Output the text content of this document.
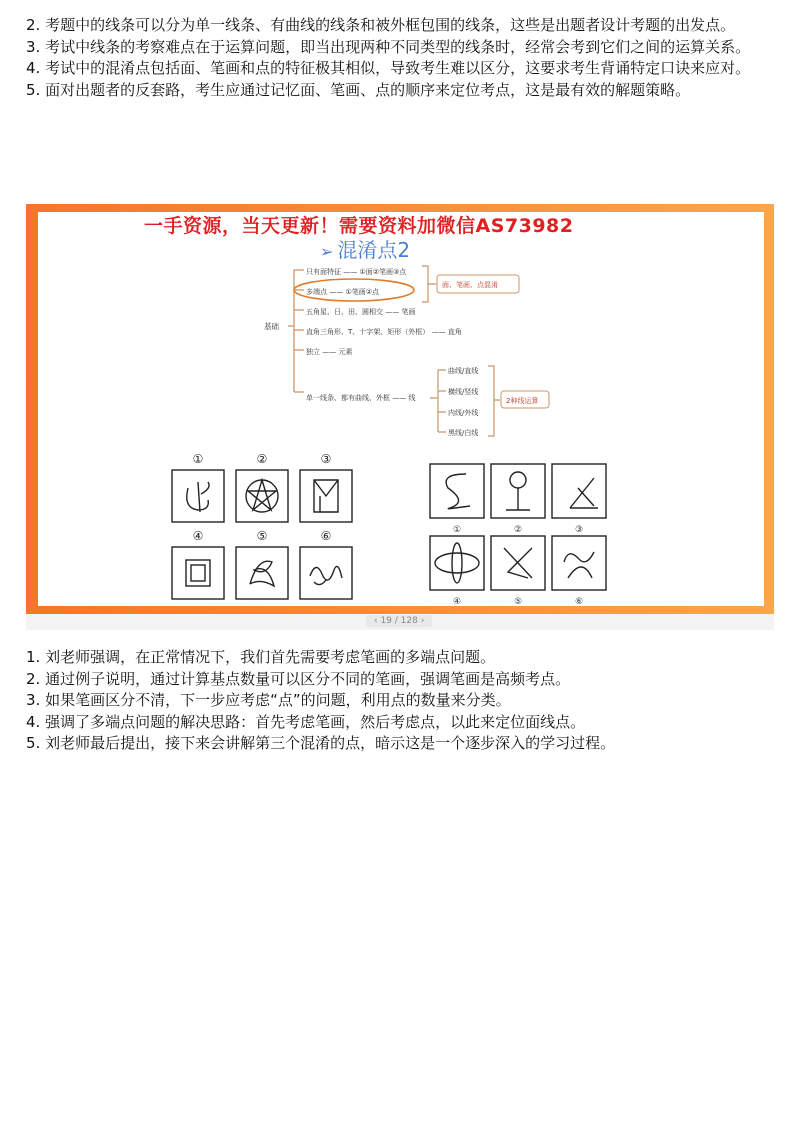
2. 考题中的线条可以分为单一线条、有曲线的线条和被外框包围的线条，这些是出题者设计考题的出发点。
3. 考试中线条的考察难点在于运算问题，即当出现两种不同类型的线条时，经常会考到它们之间的运算关系。
4. 考试中的混淆点包括面、笔画和点的特征极其相似，导致考生难以区分，这要求考生背诵特定口诀来应对。
5. 面对出题者的反套路，考生应通过记忆面、笔画、点的顺序来定位考点，这是最有效的解题策略。
一手资源，当天更新！需要资料加微信AS73982
➢ 混淆点2
基础
只有面特征 —— ①面②笔画③点
多端点 —— ①笔画②点
五角星、日、田、圆相交 —— 笔画
直角三角形、T、十字架、矩形（外框） —— 直角
独立 —— 元素
单一线条、都有曲线、外框 —— 线
面、笔画、点混淆
曲线/直线
横线/竖线
内线/外线
黑线/白线
2种线运算
①	②	③
④	⑤	⑥	①	②	③
④	⑤	⑥
‹ 19 / 128 ›
1. 刘老师强调，在正常情况下，我们首先需要考虑笔画的多端点问题。
2. 通过例子说明，通过计算基点数量可以区分不同的笔画，强调笔画是高频考点。
3. 如果笔画区分不清，下一步应考虑“点”的问题，利用点的数量来分类。
4. 强调了多端点问题的解决思路：首先考虑笔画，然后考虑点，以此来定位面线点。
5. 刘老师最后提出，接下来会讲解第三个混淆的点，暗示这是一个逐步深入的学习过程。
